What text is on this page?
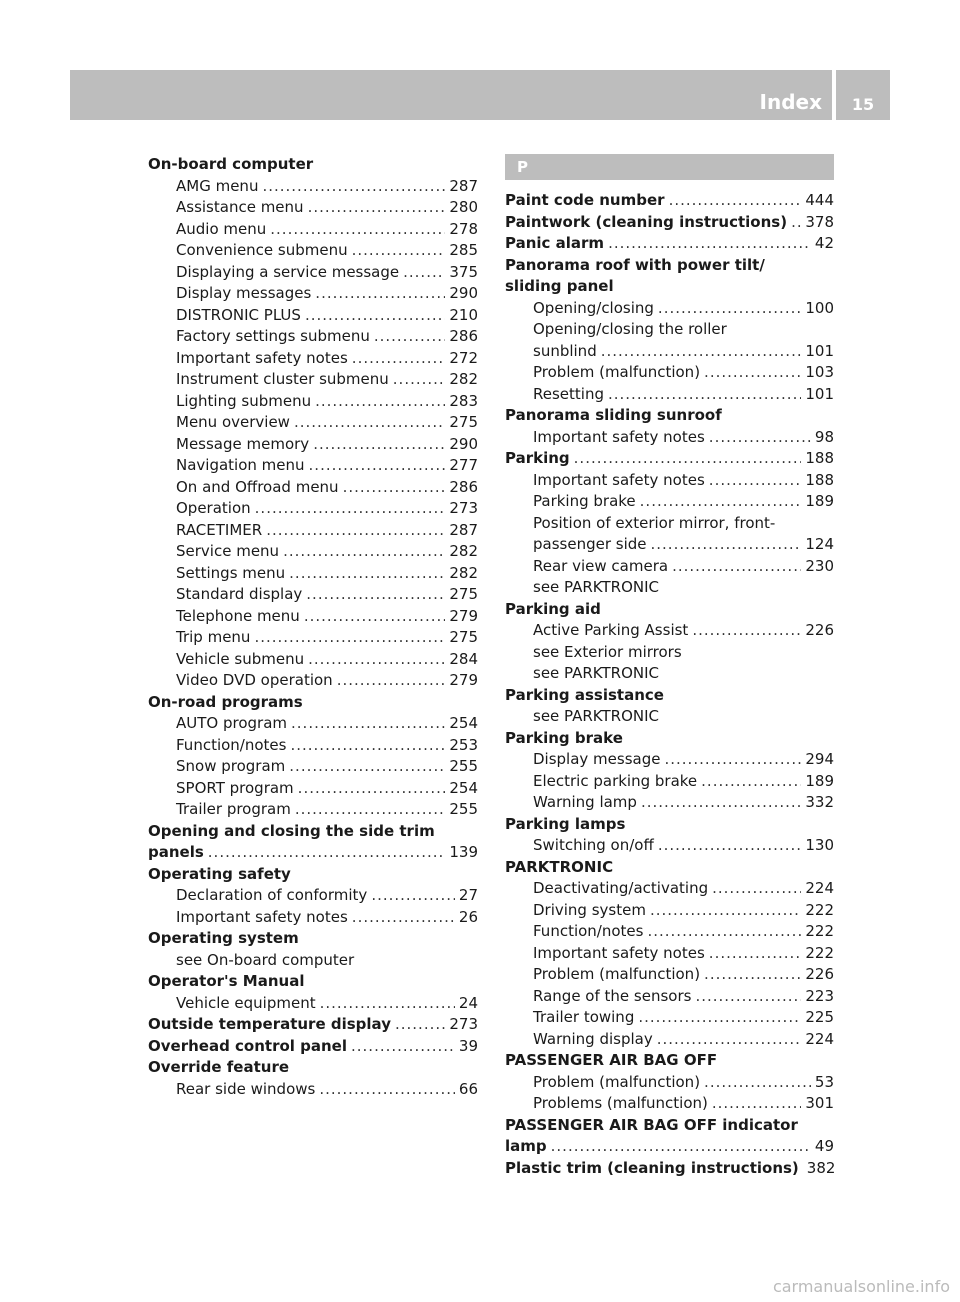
Index	15
On-board computer
AMG menu .....	287
Assistance menu .....	280
Audio menu .....	278
Convenience submenu .....	285
Displaying a service message .....	375
Display messages .....	290
DISTRONIC PLUS .....	210
Factory settings submenu .....	286
Important safety notes .....	272
Instrument cluster submenu .....	282
Lighting submenu .....	283
Menu overview .....	275
Message memory .....	290
Navigation menu .....	277
On and Offroad menu .....	286
Operation .....	273
RACETIMER .....	287
Service menu .....	282
Settings menu .....	282
Standard display .....	275
Telephone menu .....	279
Trip menu .....	275
Vehicle submenu .....	284
Video DVD operation .....	279
On-road programs
AUTO program .....	254
Function/notes .....	253
Snow program .....	255
SPORT program .....	254
Trailer program .....	255
Opening and closing the side trim
panels .....	139
Operating safety
Declaration of conformity .....	27
Important safety notes .....	26
Operating system
see On-board computer
Operator's Manual
Vehicle equipment .....	24
Outside temperature display .....	273
Overhead control panel .....	39
Override feature
Rear side windows .....	66
P
Paint code number .....	444
Paintwork (cleaning instructions) ..... 378
Panic alarm .....	42
Panorama roof with power tilt/
sliding panel
Opening/closing .....	100
Opening/closing the roller
sunblind .....	101
Problem (malfunction) .....	103
Resetting .....	101
Panorama sliding sunroof
Important safety notes .....	98
Parking .....	188
Important safety notes .....	188
Parking brake .....	189
Position of exterior mirror, front-
passenger side .....	124
Rear view camera .....	230
see PARKTRONIC
Parking aid
Active Parking Assist .....	226
see Exterior mirrors
see PARKTRONIC
Parking assistance
see PARKTRONIC
Parking brake
Display message .....	294
Electric parking brake .....	189
Warning lamp .....	332
Parking lamps
Switching on/off .....	130
PARKTRONIC
Deactivating/activating .....	224
Driving system .....	222
Function/notes .....	222
Important safety notes .....	222
Problem (malfunction) .....	226
Range of the sensors .....	223
Trailer towing .....	225
Warning display .....	224
PASSENGER AIR BAG OFF
Problem (malfunction) .....	53
Problems (malfunction) .....	301
PASSENGER AIR BAG OFF indicator
lamp .....	49
Plastic trim (cleaning instructions) 382
carmanualsonline.info
